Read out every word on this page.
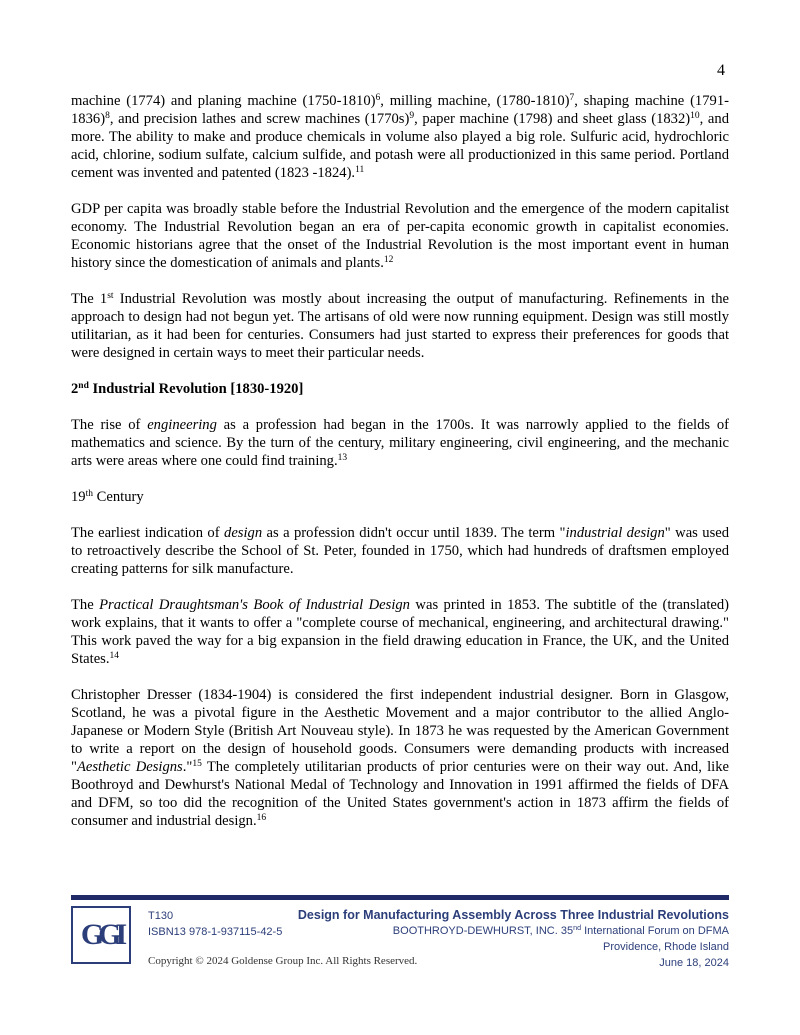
4

machine (1774) and planing machine (1750-1810)$^6$, milling machine, (1780-1810)$^7$, shaping machine (1791-1836)$^8$, and precision lathes and screw machines $(1770s)^9$, paper machine (1798) and sheet glass $(1832)^{10}$, and more. The ability to make and produce chemicals in volume also played a big role. Sulfuric acid, hydrochloric acid, chlorine, sodium sulfate, calcium sulfide, and potash were all productionized in this same period. Portland cement was invented and patented (1823 -1824).$^{11}$

GDP per capita was broadly stable before the Industrial Revolution and the emergence of the modern capitalist economy. The Industrial Revolution began an era of per-capita economic growth in capitalist economies. Economic historians agree that the onset of the Industrial Revolution is the most important event in human history since the domestication of animals and plants.$^{12}$

The 1st Industrial Revolution was mostly about increasing the output of manufacturing. Refinements in the approach to design had not begun yet. The artisans of old were now running equipment. Design was still mostly utilitarian, as it had been for centuries. Consumers had just started to express their preferences for goods that were designed in certain ways to meet their particular needs.

2nd Industrial Revolution [1830-1920]

The rise of engineering as a profession had began in the 1700s. It was narrowly applied to the fields of mathematics and science. By the turn of the century, military engineering, civil engineering, and the mechanic arts were areas where one could find training.$^{13}$

19th Century

The earliest indication of design as a profession didn't occur until 1839. The term "industrial design" was used to retroactively describe the School of St. Peter, founded in 1750, which had hundreds of draftsmen employed creating patterns for silk manufacture.

The Practical Draughtsman's Book of Industrial Design was printed in 1853. The subtitle of the (translated) work explains, that it wants to offer a "complete course of mechanical, engineering, and architectural drawing." This work paved the way for a big expansion in the field drawing education in France, the UK, and the United States.$^{14}$

Christopher Dresser (1834-1904) is considered the first independent industrial designer. Born in Glasgow, Scotland, he was a pivotal figure in the Aesthetic Movement and a major contributor to the allied Anglo-Japanese or Modern Style (British Art Nouveau style). In 1873 he was requested by the American Government to write a report on the design of household goods. Consumers were demanding products with increased "Aesthetic Designs."$^{15}$ The completely utilitarian products of prior centuries were on their way out. And, like Boothroyd and Dewhurst's National Medal of Technology and Innovation in 1991 affirmed the fields of DFA and DFM, so too did the recognition of the United States government's action in 1873 affirm the fields of consumer and industrial design.$^{16}$

GGI
T130
ISBN13 978-1-937115-42-5
Copyright © 2024 Goldense Group Inc. All Rights Reserved.
Design for Manufacturing Assembly Across Three Industrial Revolutions
BOOTHROYD-DEWHURST, INC. 35nd International Forum on DFMA
Providence, Rhode Island
June 18, 2024
